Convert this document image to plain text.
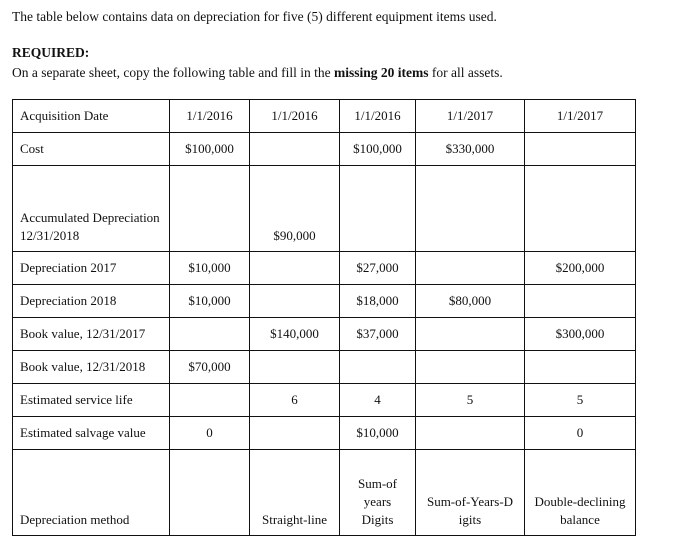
The table below contains data on depreciation for five (5) different equipment items used.

REQUIRED:

On a separate sheet, copy the following table and fill in the missing 20 items for all assets.

Acquisition Date	1/1/2016	1/1/2016	1/1/2016	1/1/2017	1/1/2017

Cost	$100,000		$100,000	$330,000	

Accumulated Depreciation 12/31/2018		$90,000			

Depreciation 2017	$10,000		$27,000		$200,000

Depreciation 2018	$10,000		$18,000	$80,000	

Book value, 12/31/2017		$140,000	$37,000		$300,000

Book value, 12/31/2018	$70,000				

Estimated service life		6	4	5	5

Estimated salvage value	0		$10,000		0

Depreciation method		Straight-line	Sum-of years Digits	Sum-of-Years-D igits	Double-declining balance
